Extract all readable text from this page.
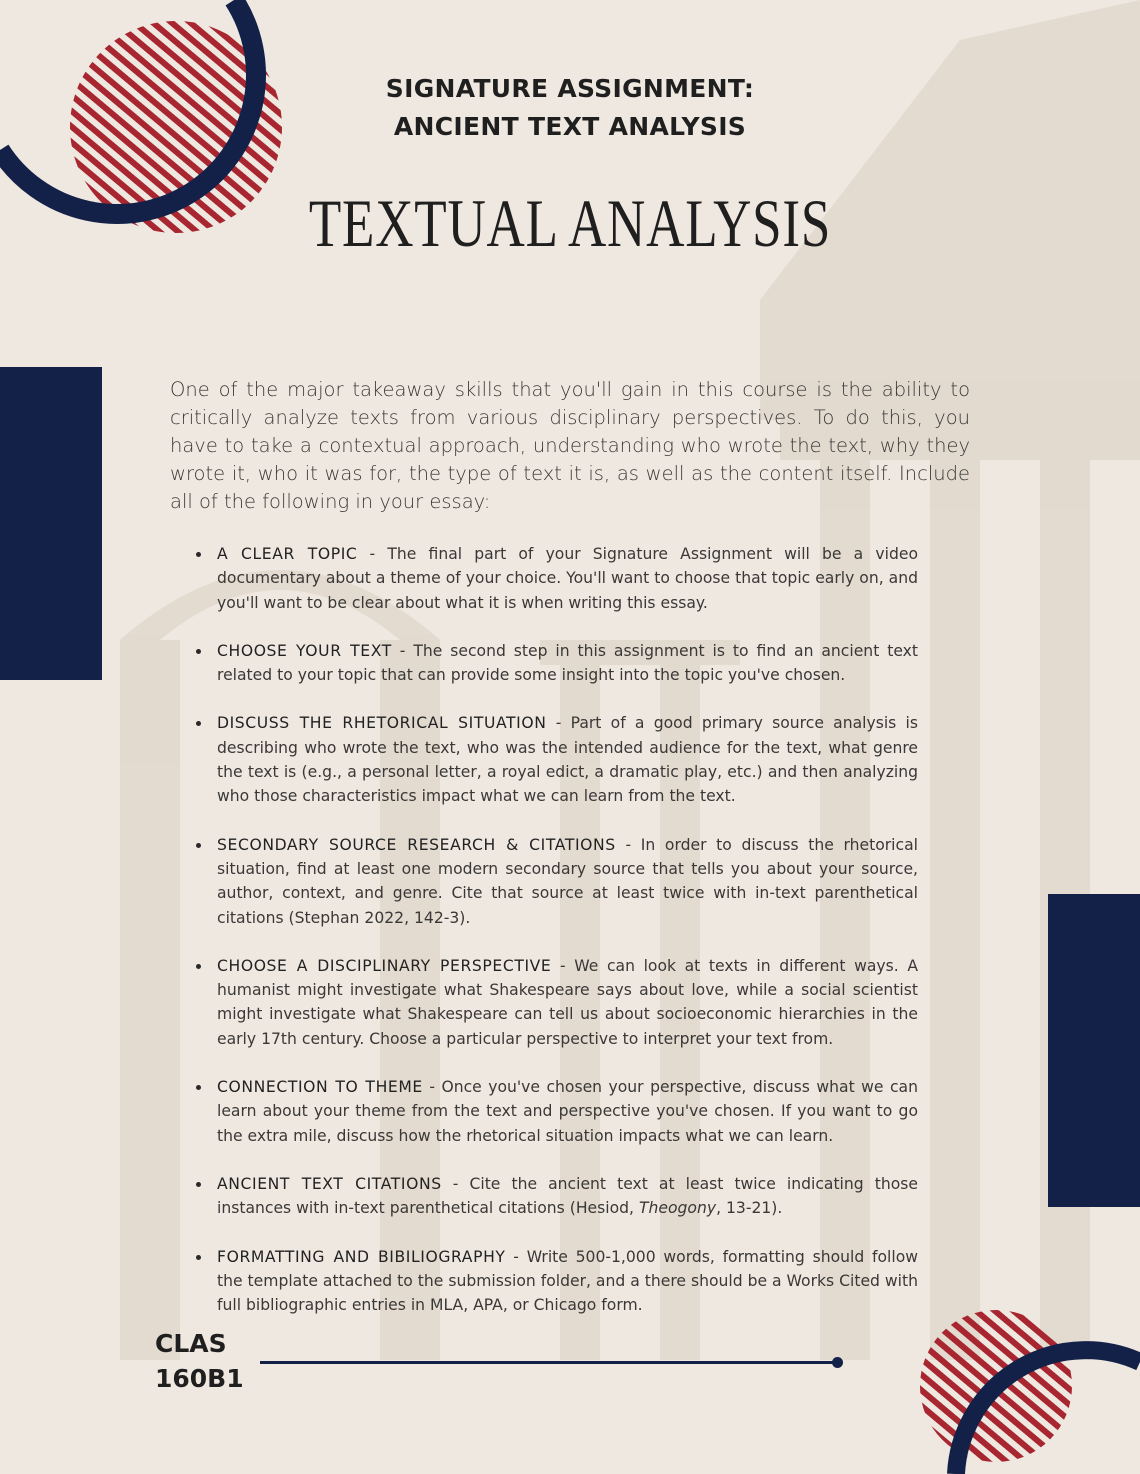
SIGNATURE ASSIGNMENT:
ANCIENT TEXT ANALYSIS
TEXTUAL ANALYSIS
One of the major takeaway skills that you'll gain in this course is the ability to critically analyze texts from various disciplinary perspectives. To do this, you have to take a contextual approach, understanding who wrote the text, why they wrote it, who it was for, the type of text it is, as well as the content itself. Include all of the following in your essay:
A CLEAR TOPIC - The final part of your Signature Assignment will be a video documentary about a theme of your choice. You'll want to choose that topic early on, and you'll want to be clear about what it is when writing this essay.
CHOOSE YOUR TEXT - The second step in this assignment is to find an ancient text related to your topic that can provide some insight into the topic you've chosen.
DISCUSS THE RHETORICAL SITUATION - Part of a good primary source analysis is describing who wrote the text, who was the intended audience for the text, what genre the text is (e.g., a personal letter, a royal edict, a dramatic play, etc.) and then analyzing who those characteristics impact what we can learn from the text.
SECONDARY SOURCE RESEARCH & CITATIONS - In order to discuss the rhetorical situation, find at least one modern secondary source that tells you about your source, author, context, and genre. Cite that source at least twice with in-text parenthetical citations (Stephan 2022, 142-3).
CHOOSE A DISCIPLINARY PERSPECTIVE - We can look at texts in different ways. A humanist might investigate what Shakespeare says about love, while a social scientist might investigate what Shakespeare can tell us about socioeconomic hierarchies in the early 17th century. Choose a particular perspective to interpret your text from.
CONNECTION TO THEME - Once you've chosen your perspective, discuss what we can learn about your theme from the text and perspective you've chosen. If you want to go the extra mile, discuss how the rhetorical situation impacts what we can learn.
ANCIENT TEXT CITATIONS - Cite the ancient text at least twice indicating those instances with in-text parenthetical citations (Hesiod, Theogony, 13-21).
FORMATTING AND BIBILIOGRAPHY - Write 500-1,000 words, formatting should follow the template attached to the submission folder, and a there should be a Works Cited with full bibliographic entries in MLA, APA, or Chicago form.
CLAS
160B1
